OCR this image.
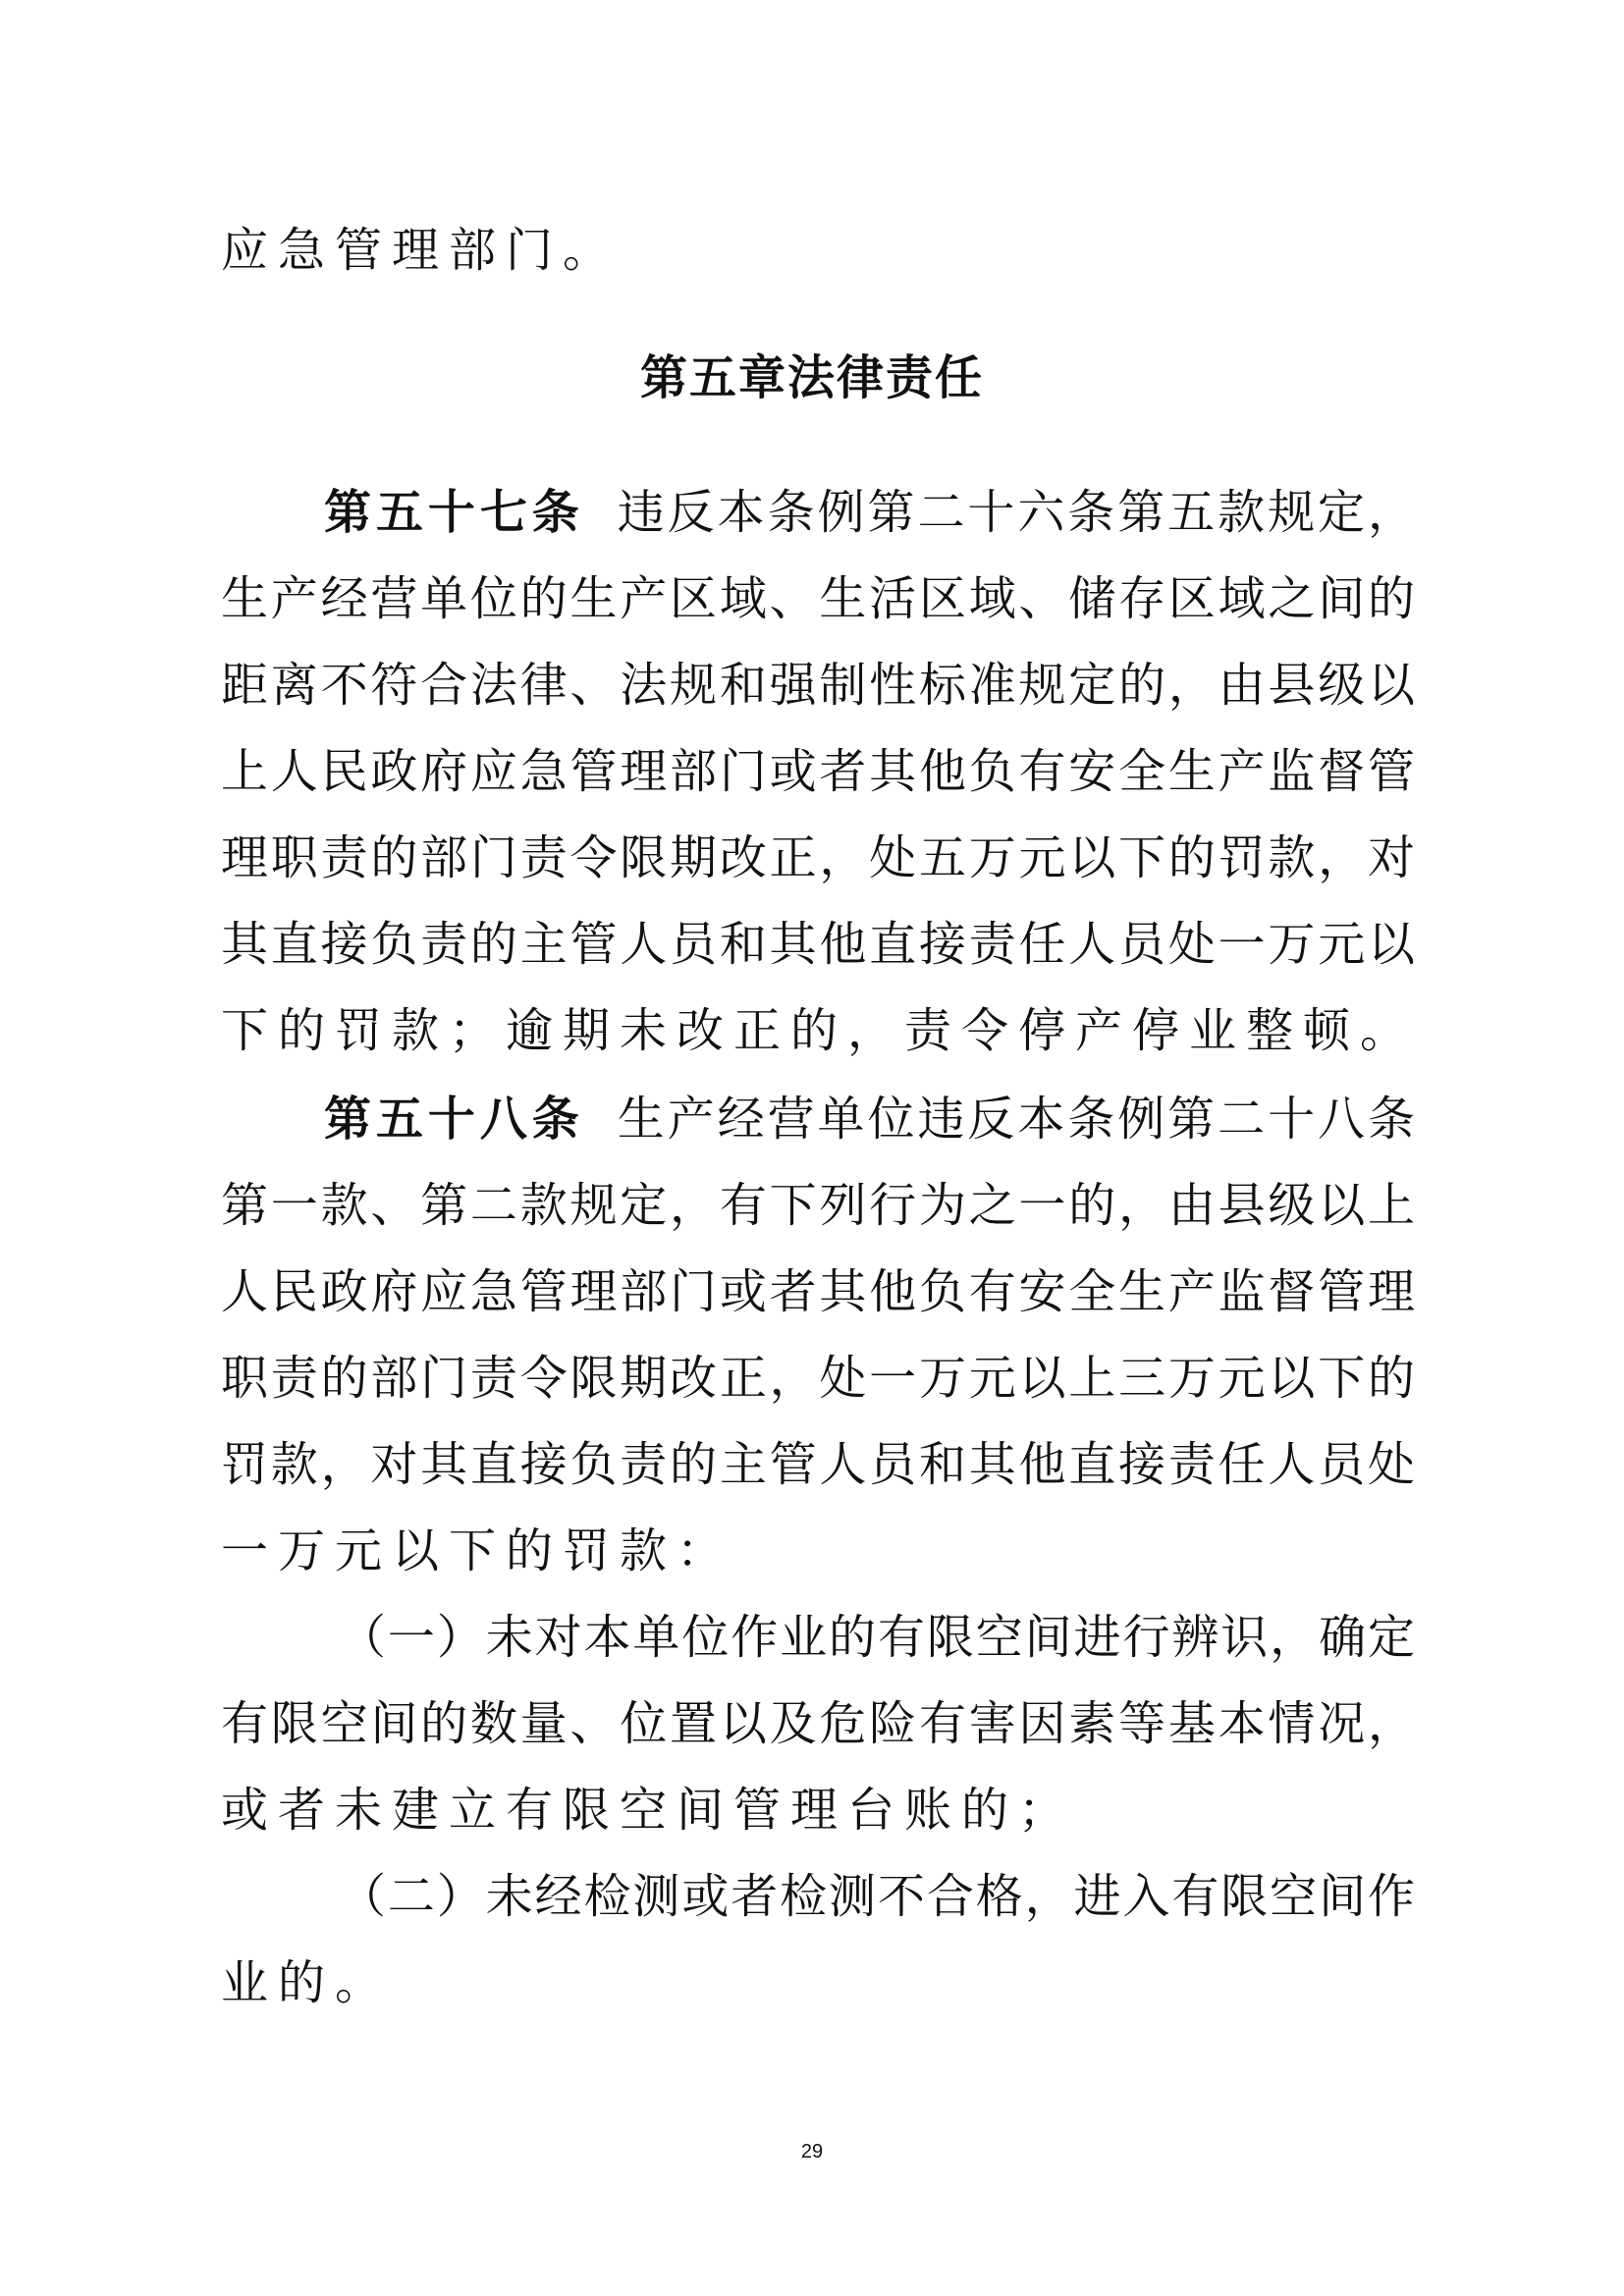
应急管理部门。
第五章法律责任
第五十七条 违反本条例第二十六条第五款规定，
生产经营单位的生产区域、生活区域、储存区域之间的
距离不符合法律、法规和强制性标准规定的，由县级以
上人民政府应急管理部门或者其他负有安全生产监督管
理职责的部门责令限期改正，处五万元以下的罚款，对
其直接负责的主管人员和其他直接责任人员处一万元以
下的罚款；逾期未改正的，责令停产停业整顿。
第五十八条 生产经营单位违反本条例第二十八条
第一款、第二款规定，有下列行为之一的，由县级以上
人民政府应急管理部门或者其他负有安全生产监督管理
职责的部门责令限期改正，处一万元以上三万元以下的
罚款，对其直接负责的主管人员和其他直接责任人员处
一万元以下的罚款：
（一）未对本单位作业的有限空间进行辨识，确定
有限空间的数量、位置以及危险有害因素等基本情况，
或者未建立有限空间管理台账的；
（二）未经检测或者检测不合格，进入有限空间作
业的。
29
